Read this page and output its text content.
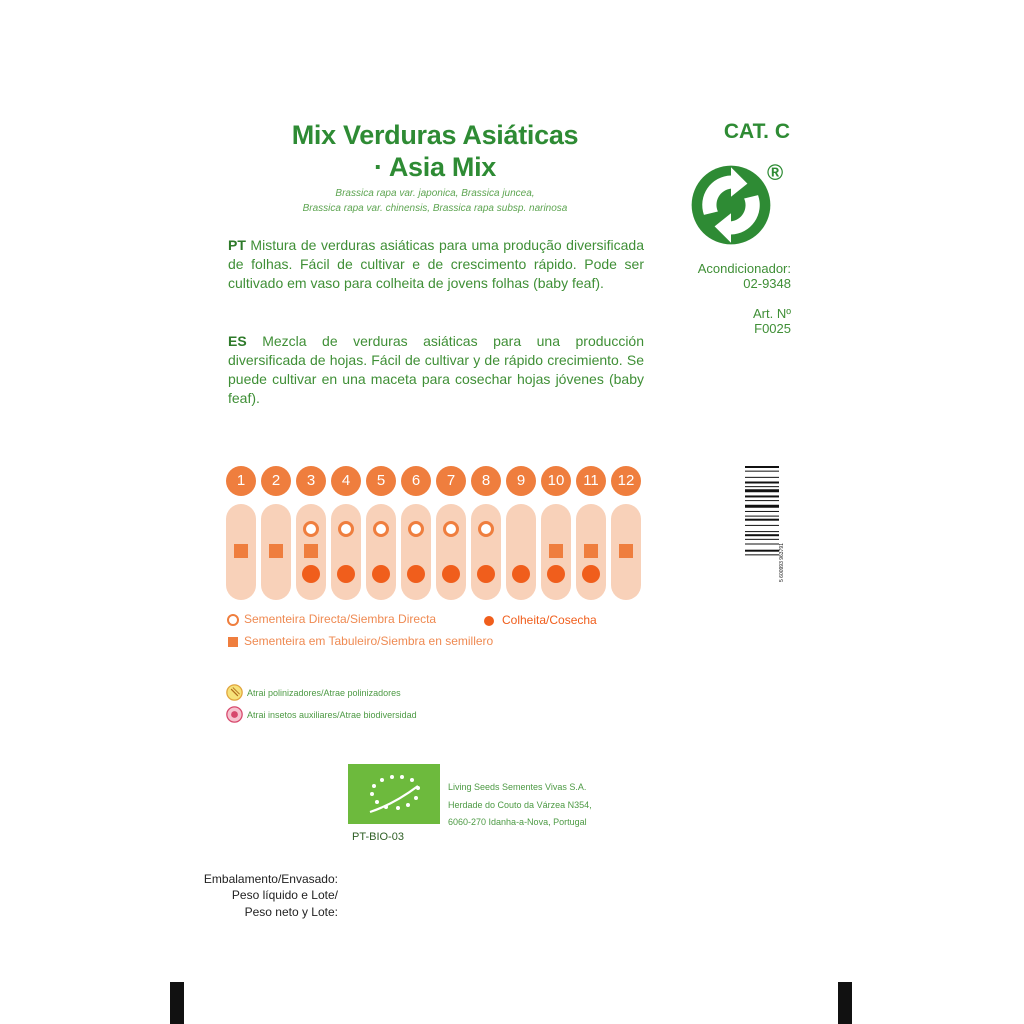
Mix Verduras Asiáticas
· Asia Mix
Brassica rapa var. japonica, Brassica juncea,
Brassica rapa var. chinensis, Brassica rapa subsp. narinosa

PT Mistura de verduras asiáticas para uma produção diversificada de folhas. Fácil de cultivar e de crescimento rápido. Pode ser cultivado em vaso para colheita de jovens folhas (baby feaf).

ES Mezcla de verduras asiáticas para una producción diversificada de hojas. Fácil de cultivar y de rápido crecimiento. Se puede cultivar en una maceta para cosechar hojas jóvenes (baby feaf).

CAT. C
®
Acondicionador:
02-9348
Art. Nº
F0025
5 600993 963791
1	2	3	4	5	6	7	8	9	10	11	12
Sementeira Directa/Siembra Directa	Colheita/Cosecha
Sementeira em Tabuleiro/Siembra en semillero
Atrai polinizadores/Atrae polinizadores
Atrai insetos auxiliares/Atrae biodiversidad
PT-BIO-03
Living Seeds Sementes Vivas S.A.
Herdade do Couto da Várzea N354,
6060-270 Idanha-a-Nova, Portugal
Embalamento/Envasado:
Peso líquido e Lote/
Peso neto y Lote:
